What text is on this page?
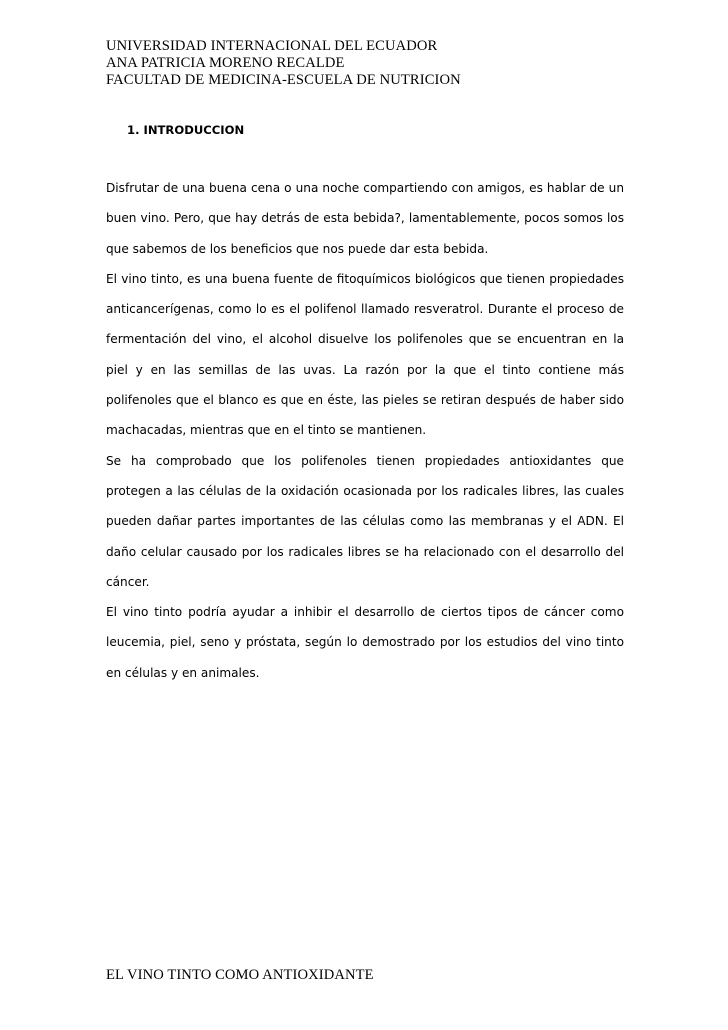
UNIVERSIDAD INTERNACIONAL DEL ECUADOR
ANA PATRICIA MORENO RECALDE
FACULTAD DE MEDICINA-ESCUELA DE NUTRICION
1. INTRODUCCION

Disfrutar de una buena cena o una noche compartiendo con amigos, es hablar de un buen vino. Pero, que hay detrás de esta bebida?, lamentablemente, pocos somos los que sabemos de los beneficios que nos puede dar esta bebida.

El vino tinto, es una buena fuente de fitoquímicos biológicos que tienen propiedades anticancerígenas, como lo es el polifenol llamado resveratrol. Durante el proceso de fermentación del vino, el alcohol disuelve los polifenoles que se encuentran en la piel y en las semillas de las uvas. La razón por la que el tinto contiene más polifenoles que el blanco es que en éste, las pieles se retiran después de haber sido machacadas, mientras que en el tinto se mantienen.

Se ha comprobado que los polifenoles tienen propiedades antioxidantes que protegen a las células de la oxidación ocasionada por los radicales libres, las cuales pueden dañar partes importantes de las células como las membranas y el ADN. El daño celular causado por los radicales libres se ha relacionado con el desarrollo del cáncer.

El vino tinto podría ayudar a inhibir el desarrollo de ciertos tipos de cáncer como leucemia, piel, seno y próstata, según lo demostrado por los estudios del vino tinto en células y en animales.

EL VINO TINTO COMO ANTIOXIDANTE
